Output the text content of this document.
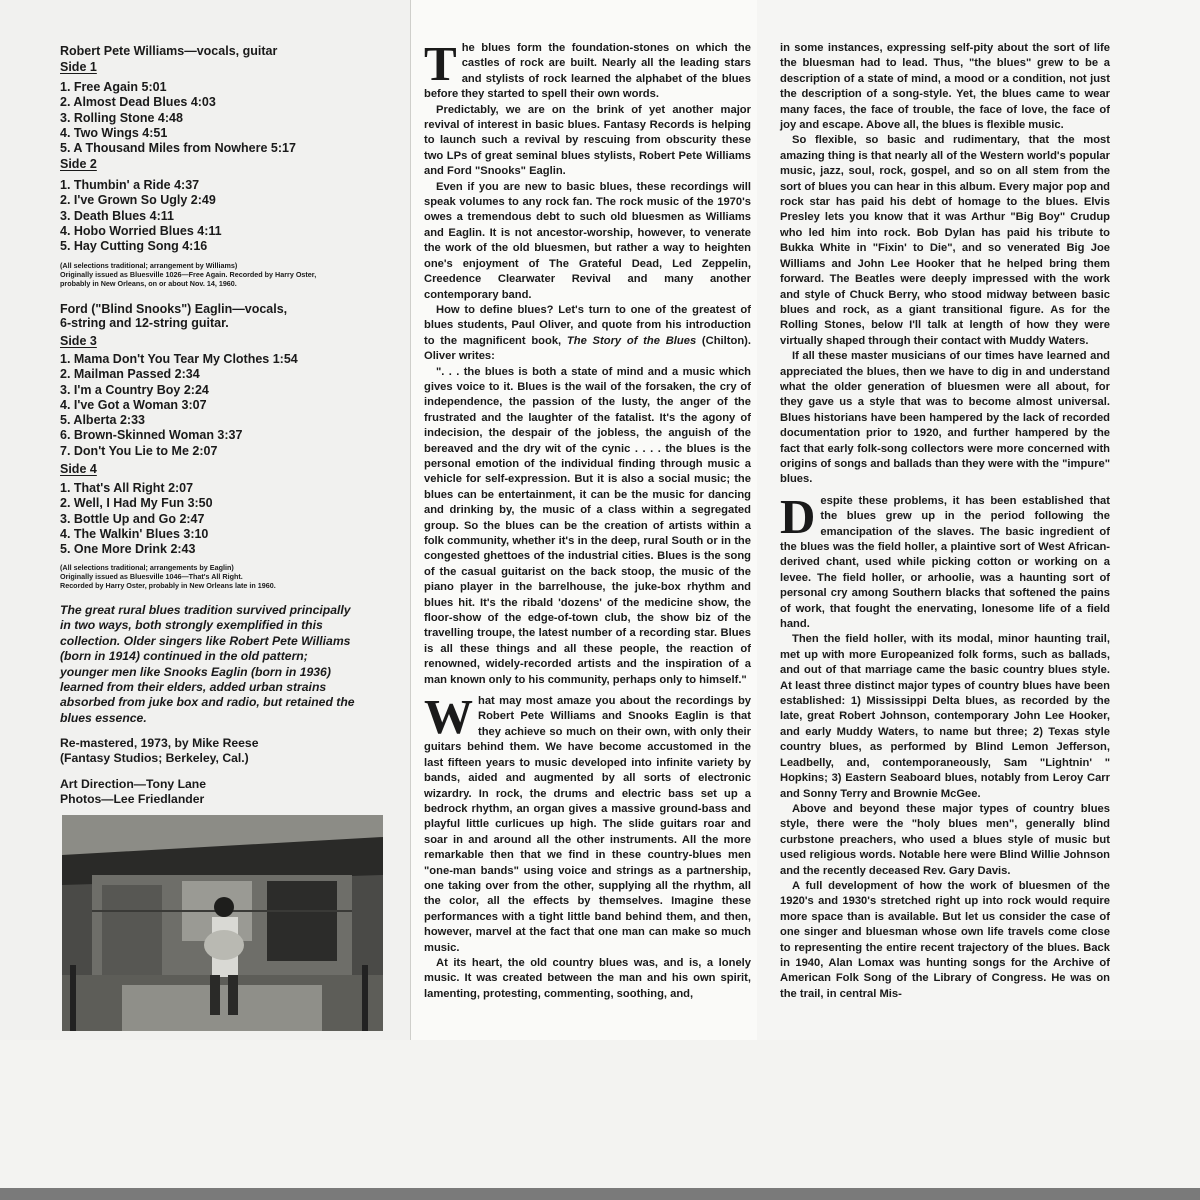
Robert Pete Williams—vocals, guitar
Side 1
1. Free Again 5:01
2. Almost Dead Blues 4:03
3. Rolling Stone 4:48
4. Two Wings 4:51
5. A Thousand Miles from Nowhere 5:17
Side 2
1. Thumbin' a Ride 4:37
2. I've Grown So Ugly 2:49
3. Death Blues 4:11
4. Hobo Worried Blues 4:11
5. Hay Cutting Song 4:16
(All selections traditional; arrangement by Williams)
Originally issued as Bluesville 1026—Free Again. Recorded by Harry Oster,
probably in New Orleans, on or about Nov. 14, 1960.
Ford ("Blind Snooks") Eaglin—vocals,
6-string and 12-string guitar.
Side 3
1. Mama Don't You Tear My Clothes 1:54
2. Mailman Passed 2:34
3. I'm a Country Boy 2:24
4. I've Got a Woman 3:07
5. Alberta 2:33
6. Brown-Skinned Woman 3:37
7. Don't You Lie to Me 2:07
Side 4
1. That's All Right 2:07
2. Well, I Had My Fun 3:50
3. Bottle Up and Go 2:47
4. The Walkin' Blues 3:10
5. One More Drink 2:43
(All selections traditional; arrangements by Eaglin)
Originally issued as Bluesville 1046—That's All Right.
Recorded by Harry Oster, probably in New Orleans late in 1960.
The great rural blues tradition survived principally
in two ways, both strongly exemplified in this
collection. Older singers like Robert Pete Williams
(born in 1914) continued in the old pattern;
younger men like Snooks Eaglin (born in 1936)
learned from their elders, added urban strains
absorbed from juke box and radio, but retained the
blues essence.
Re-mastered, 1973, by Mike Reese
(Fantasy Studios; Berkeley, Cal.)
Art Direction—Tony Lane
Photos—Lee Friedlander

The blues form the foundation-stones on which the castles of rock are built. Nearly all the leading stars and stylists of rock learned the alphabet of the blues before they started to spell their own words.

Predictably, we are on the brink of yet another major revival of interest in basic blues. Fantasy Records is helping to launch such a revival by rescuing from obscurity these two LPs of great seminal blues stylists, Robert Pete Williams and Ford "Snooks" Eaglin.

Even if you are new to basic blues, these recordings will speak volumes to any rock fan. The rock music of the 1970's owes a tremendous debt to such old bluesmen as Williams and Eaglin. It is not ancestor-worship, however, to venerate the work of the old bluesmen, but rather a way to heighten one's enjoyment of The Grateful Dead, Led Zeppelin, Creedence Clearwater Revival and many another contemporary band.

How to define blues? Let's turn to one of the greatest of blues students, Paul Oliver, and quote from his introduction to the magnificent book, The Story of the Blues (Chilton). Oliver writes:

". . . the blues is both a state of mind and a music which gives voice to it. Blues is the wail of the forsaken, the cry of independence, the passion of the lusty, the anger of the frustrated and the laughter of the fatalist. It's the agony of indecision, the despair of the jobless, the anguish of the bereaved and the dry wit of the cynic . . . . the blues is the personal emotion of the individual finding through music a vehicle for self-expression. But it is also a social music; the blues can be entertainment, it can be the music for dancing and drinking by, the music of a class within a segregated group. So the blues can be the creation of artists within a folk community, whether it's in the deep, rural South or in the congested ghettoes of the industrial cities. Blues is the song of the casual guitarist on the back stoop, the music of the piano player in the barrelhouse, the juke-box rhythm and blues hit. It's the ribald 'dozens' of the medicine show, the floor-show of the edge-of-town club, the show biz of the travelling troupe, the latest number of a recording star. Blues is all these things and all these people, the reaction of renowned, widely-recorded artists and the inspiration of a man known only to his community, perhaps only to himself."

What may most amaze you about the recordings by Robert Pete Williams and Snooks Eaglin is that they achieve so much on their own, with only their guitars behind them. We have become accustomed in the last fifteen years to music developed into infinite variety by bands, aided and augmented by all sorts of electronic wizardry. In rock, the drums and electric bass set up a bedrock rhythm, an organ gives a massive ground-bass and playful little curlicues up high. The slide guitars roar and soar in and around all the other instruments. All the more remarkable then that we find in these country-blues men "one-man bands" using voice and strings as a partnership, one taking over from the other, supplying all the rhythm, all the color, all the effects by themselves. Imagine these performances with a tight little band behind them, and then, however, marvel at the fact that one man can make so much music.

At its heart, the old country blues was, and is, a lonely music. It was created between the man and his own spirit, lamenting, protesting, commenting, soothing, and,

in some instances, expressing self-pity about the sort of life the bluesman had to lead. Thus, "the blues" grew to be a description of a state of mind, a mood or a condition, not just the description of a song-style. Yet, the blues came to wear many faces, the face of trouble, the face of love, the face of joy and escape. Above all, the blues is flexible music.

So flexible, so basic and rudimentary, that the most amazing thing is that nearly all of the Western world's popular music, jazz, soul, rock, gospel, and so on all stem from the sort of blues you can hear in this album. Every major pop and rock star has paid his debt of homage to the blues. Elvis Presley lets you know that it was Arthur "Big Boy" Crudup who led him into rock. Bob Dylan has paid his tribute to Bukka White in "Fixin' to Die", and so venerated Big Joe Williams and John Lee Hooker that he helped bring them forward. The Beatles were deeply impressed with the work and style of Chuck Berry, who stood midway between basic blues and rock, as a giant transitional figure. As for the Rolling Stones, below I'll talk at length of how they were virtually shaped through their contact with Muddy Waters.

If all these master musicians of our times have learned and appreciated the blues, then we have to dig in and understand what the older generation of bluesmen were all about, for they gave us a style that was to become almost universal. Blues historians have been hampered by the lack of recorded documentation prior to 1920, and further hampered by the fact that early folk-song collectors were more concerned with origins of songs and ballads than they were with the "impure" blues.

Despite these problems, it has been established that the blues grew up in the period following the emancipation of the slaves. The basic ingredient of the blues was the field holler, a plaintive sort of West African-derived chant, used while picking cotton or working on a levee. The field holler, or arhoolie, was a haunting sort of personal cry among Southern blacks that softened the pains of work, that fought the enervating, lonesome life of a field hand.

Then the field holler, with its modal, minor haunting trail, met up with more Europeanized folk forms, such as ballads, and out of that marriage came the basic country blues style. At least three distinct major types of country blues have been established: 1) Mississippi Delta blues, as recorded by the late, great Robert Johnson, contemporary John Lee Hooker, and early Muddy Waters, to name but three; 2) Texas style country blues, as performed by Blind Lemon Jefferson, Leadbelly, and, contemporaneously, Sam "Lightnin' " Hopkins; 3) Eastern Seaboard blues, notably from Leroy Carr and Sonny Terry and Brownie McGee.

Above and beyond these major types of country blues style, there were the "holy blues men", generally blind curbstone preachers, who used a blues style of music but used religious words. Notable here were Blind Willie Johnson and the recently deceased Rev. Gary Davis.

A full development of how the work of bluesmen of the 1920's and 1930's stretched right up into rock would require more space than is available. But let us consider the case of one singer and bluesman whose own life travels come close to representing the entire recent trajectory of the blues. Back in 1940, Alan Lomax was hunting songs for the Archive of American Folk Song of the Library of Congress. He was on the trail, in central Mis-
